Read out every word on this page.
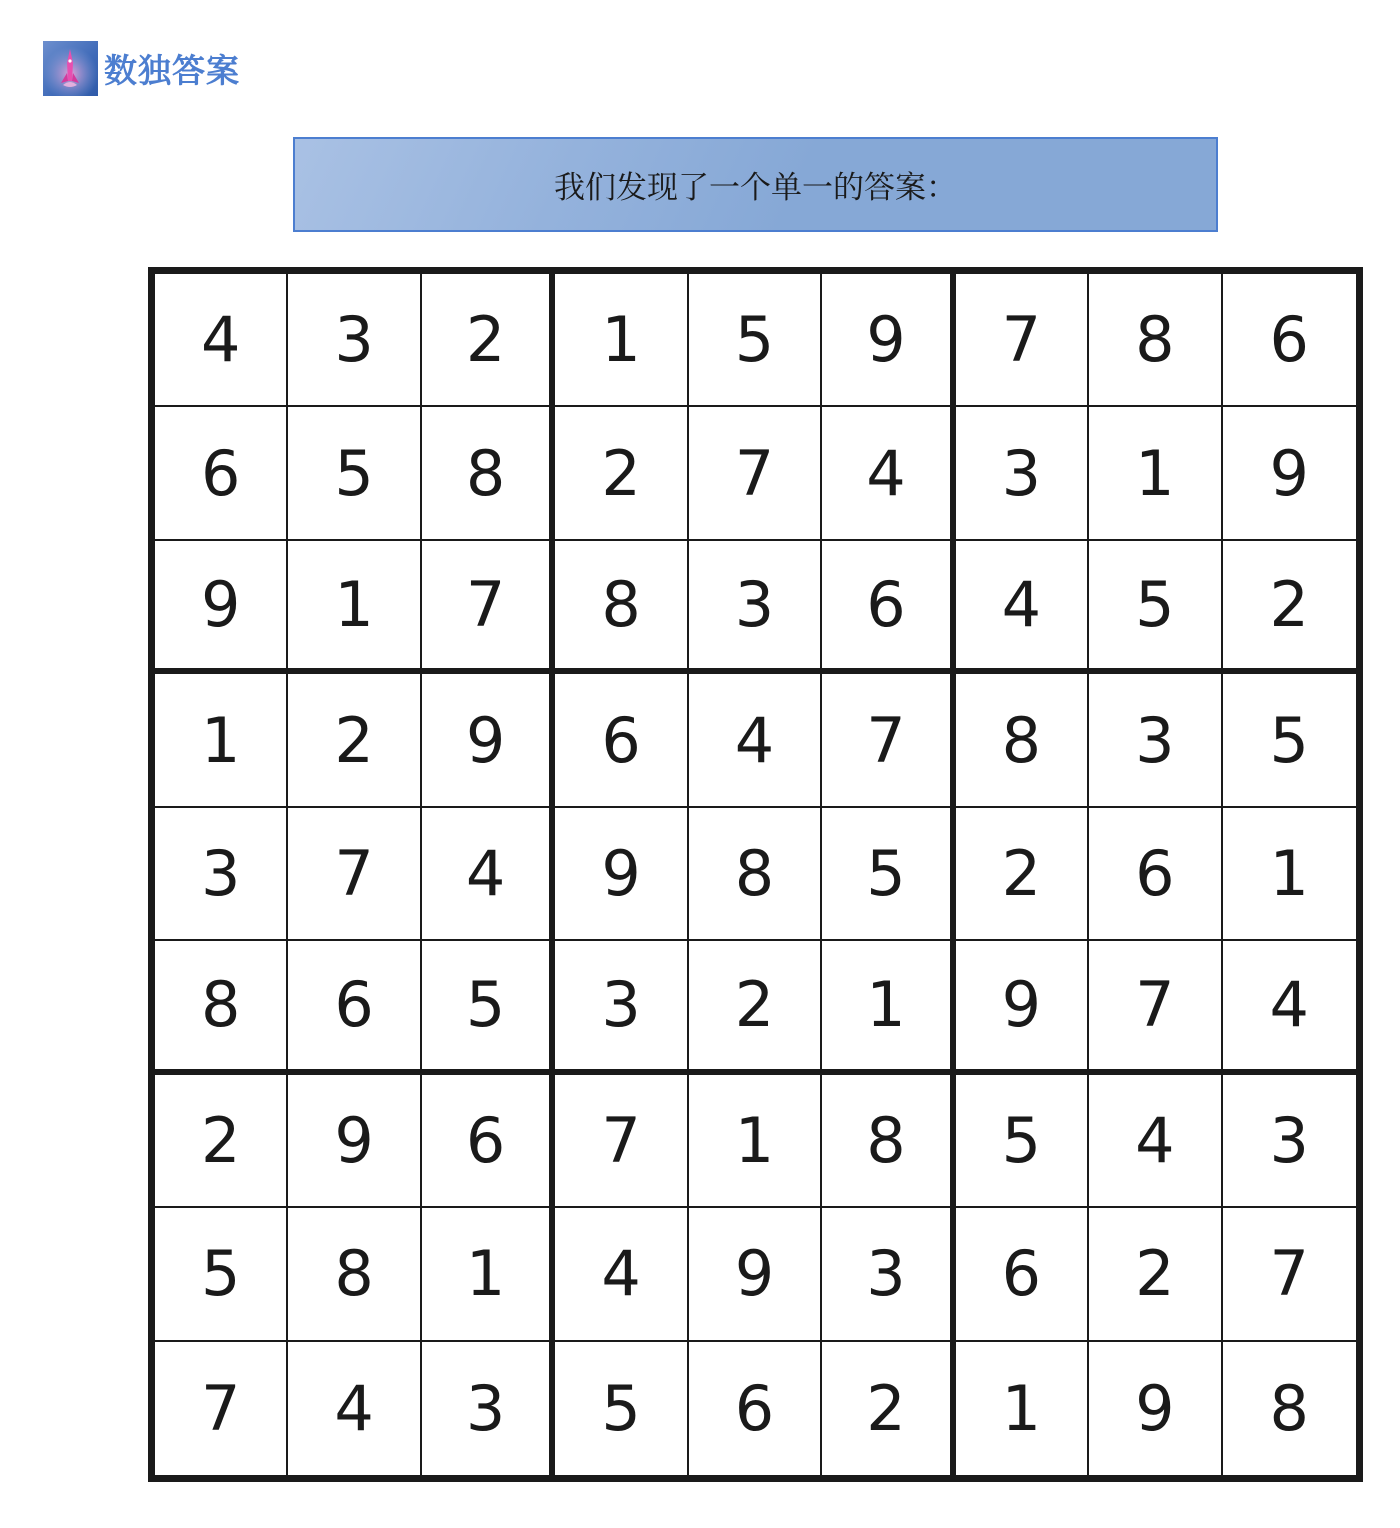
数独答案
我们发现了一个单一的答案：
4	3	2	1	5	9	7	8	6
6	5	8	2	7	4	3	1	9
9	1	7	8	3	6	4	5	2
1	2	9	6	4	7	8	3	5
3	7	4	9	8	5	2	6	1
8	6	5	3	2	1	9	7	4
2	9	6	7	1	8	5	4	3
5	8	1	4	9	3	6	2	7
7	4	3	5	6	2	1	9	8
